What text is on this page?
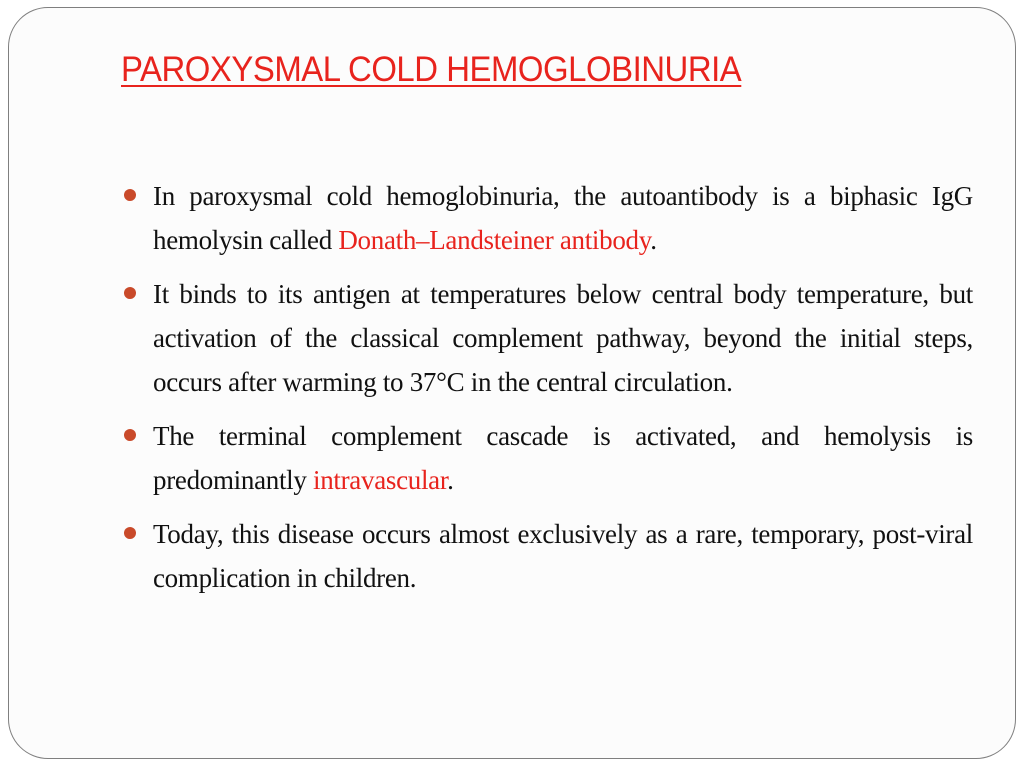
PAROXYSMAL COLD HEMOGLOBINURIA
In paroxysmal cold hemoglobinuria, the autoantibody is a biphasic IgG hemolysin called Donath–Landsteiner antibody.
It binds to its antigen at temperatures below central body temperature, but activation of the classical complement pathway, beyond the initial steps, occurs after warming to 37°C in the central circulation.
The terminal complement cascade is activated, and hemolysis is predominantly intravascular.
Today, this disease occurs almost exclusively as a rare, temporary, post-viral complication in children.
